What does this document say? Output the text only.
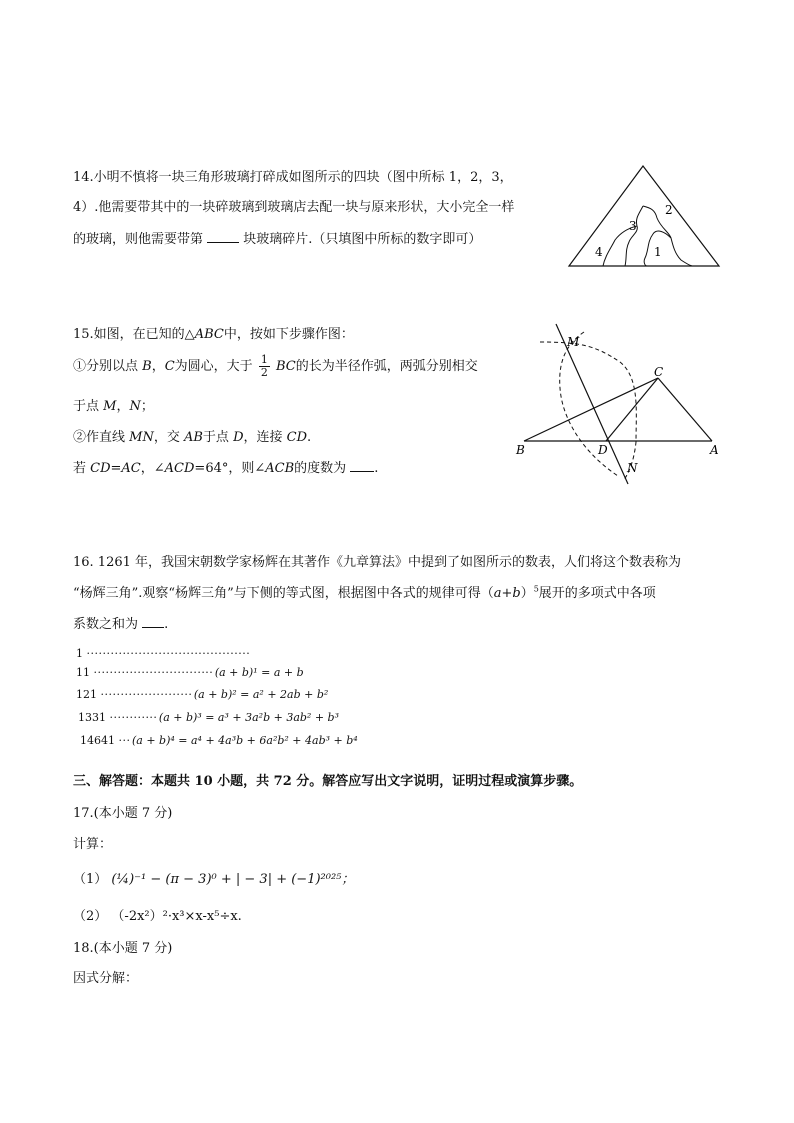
14.小明不慎将一块三角形玻璃打碎成如图所示的四块（图中所标 1，2，3，
4）.他需要带其中的一块碎玻璃到玻璃店去配一块与原来形状，大小完全一样
的玻璃，则他需要带第	块玻璃碎片.（只填图中所标的数字即可）
1
2
3
4
15.如图，在已知的△ABC中，按如下步骤作图：
①分别以点 B，C为圆心，大于 $\frac{1}{2}$ BC的长为半径作弧，两弧分别相交
于点 M，N；
②作直线 MN，交 AB于点 D，连接 CD.
若 CD=AC，∠ACD=64°，则∠ACB的度数为 .
M
C
B	D	A
N
16. 1261 年，我国宋朝数学家杨辉在其著作《九章算法》中提到了如图所示的数表，人们将这个数表称为
“杨辉三角”.观察“杨辉三角”与下侧的等式图，根据图中各式的规律可得$(a+b)^5$展开的多项式中各项
系数之和为 .
1 · · · · · · · · · · · · · · · · · · · · · · · · · · · · · · · · · · · · · · · · ·
11 · · · · · · · · · · · · · · · · · · · · · · · · · · · · · · (a + b)¹ = a + b
121 · · · · · · · · · · · · · · · · · · · · · · · (a + b)² = a² + 2ab + b²
1331 · · · · · · · · · · · · (a + b)³ = a³ + 3a²b + 3ab² + b³
14641 · · · (a + b)⁴ = a⁴ + 4a³b + 6a²b² + 4ab³ + b⁴
三、解答题：本题共 10 小题，共 72 分。解答应写出文字说明，证明过程或演算步骤。
17.(本小题 7 分)
计算：
（1） (¼)⁻¹ − (π − 3)⁰ + | − 3| + (−1)²⁰²⁵；
（2） （-2x²）²·x³×x-x⁵÷x.
18.(本小题 7 分)
因式分解：
